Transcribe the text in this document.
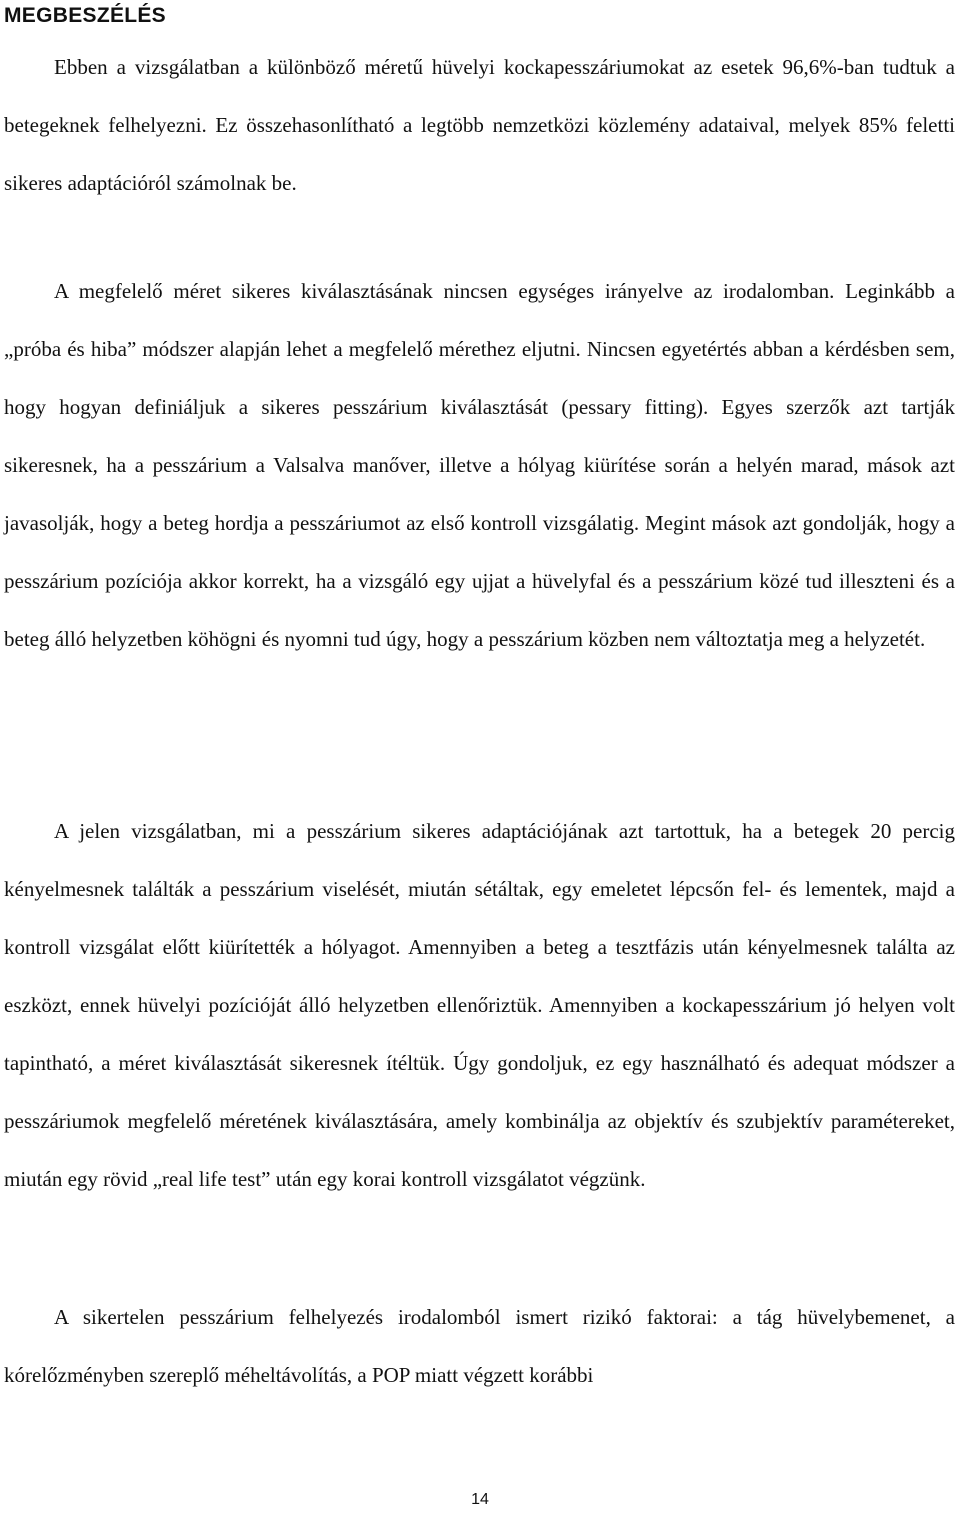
MEGBESZÉLÉS

Ebben a vizsgálatban a különböző méretű hüvelyi kockapesszáriumokat az esetek 96,6%-ban tudtuk a betegeknek felhelyezni. Ez összehasonlítható a legtöbb nemzetközi közlemény adataival, melyek 85% feletti sikeres adaptációról számolnak be.

A megfelelő méret sikeres kiválasztásának nincsen egységes irányelve az irodalomban. Leginkább a „próba és hiba” módszer alapján lehet a megfelelő mérethez eljutni. Nincsen egyetértés abban a kérdésben sem, hogy hogyan definiáljuk a sikeres pesszárium kiválasztását (pessary fitting). Egyes szerzők azt tartják sikeresnek, ha a pesszárium a Valsalva manőver, illetve a hólyag kiürítése során a helyén marad, mások azt javasolják, hogy a beteg hordja a pesszáriumot az első kontroll vizsgálatig. Megint mások azt gondolják, hogy a pesszárium pozíciója akkor korrekt, ha a vizsgáló egy ujjat a hüvelyfal és a pesszárium közé tud illeszteni és a beteg álló helyzetben köhögni és nyomni tud úgy, hogy a pesszárium közben nem változtatja meg a helyzetét.

A jelen vizsgálatban, mi a pesszárium sikeres adaptációjának azt tartottuk, ha a betegek 20 percig kényelmesnek találták a pesszárium viselését, miután sétáltak, egy emeletet lépcsőn fel- és lementek, majd a kontroll vizsgálat előtt kiürítették a hólyagot. Amennyiben a beteg a tesztfázis után kényelmesnek találta az eszközt, ennek hüvelyi pozícióját álló helyzetben ellenőriztük. Amennyiben a kockapesszárium jó helyen volt tapintható, a méret kiválasztását sikeresnek ítéltük. Úgy gondoljuk, ez egy használható és adequat módszer a pesszáriumok megfelelő méretének kiválasztására, amely kombinálja az objektív és szubjektív paramétereket, miután egy rövid „real life test” után egy korai kontroll vizsgálatot végzünk.

A sikertelen pesszárium felhelyezés irodalomból ismert rizikó faktorai: a tág hüvelybemenet, a kórelőzményben szereplő méheltávolítás, a POP miatt végzett korábbi

14
